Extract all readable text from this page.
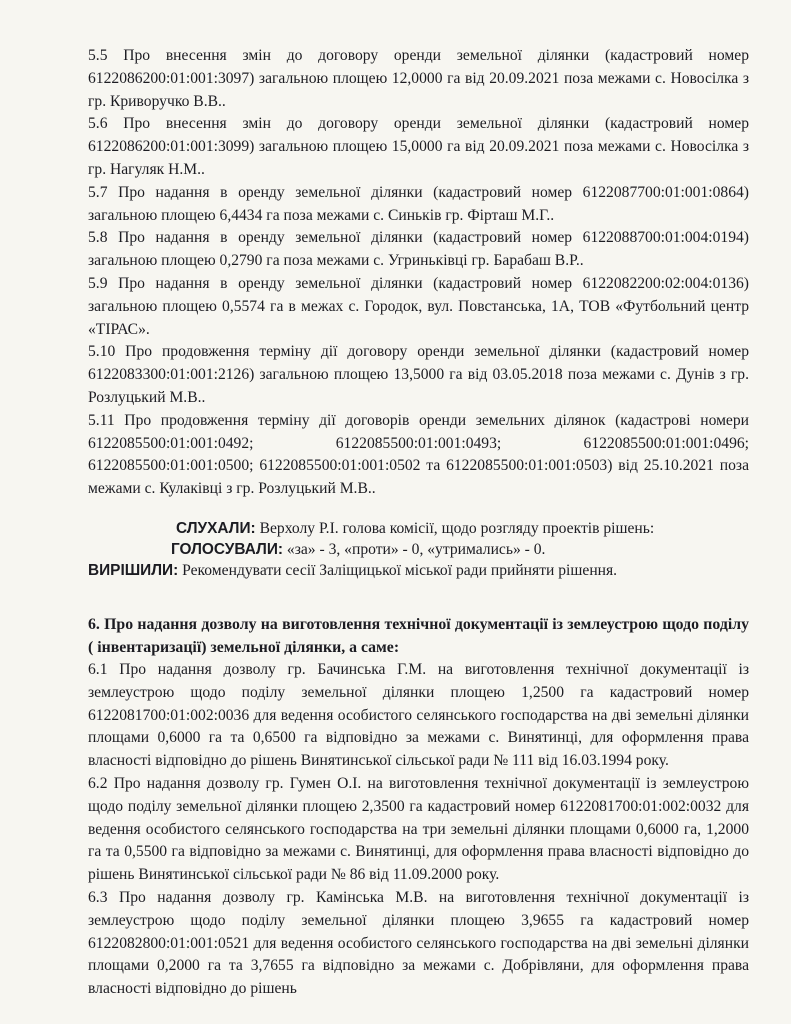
5.5 Про внесення змін до договору оренди земельної ділянки (кадастровий номер 6122086200:01:001:3097) загальною площею 12,0000 га від 20.09.2021 поза межами с. Новосілка з гр. Криворучко В.В..

5.6 Про внесення змін до договору оренди земельної ділянки (кадастровий номер 6122086200:01:001:3099) загальною площею 15,0000 га від 20.09.2021 поза межами с. Новосілка з гр. Нагуляк Н.М..

5.7 Про надання в оренду земельної ділянки (кадастровий номер 6122087700:01:001:0864) загальною площею 6,4434 га поза межами с. Синьків гр. Фірташ М.Г..

5.8 Про надання в оренду земельної ділянки (кадастровий номер 6122088700:01:004:0194) загальною площею 0,2790 га поза межами с. Угриньківці гр. Барабаш В.Р..

5.9 Про надання в оренду земельної ділянки (кадастровий номер 6122082200:02:004:0136) загальною площею 0,5574 га в межах с. Городок, вул. Повстанська, 1А, ТОВ «Футбольний центр «ТІРАС».

5.10 Про продовження терміну дії договору оренди земельної ділянки (кадастровий номер 6122083300:01:001:2126) загальною площею 13,5000 га від 03.05.2018 поза межами с. Дунів з гр. Розлуцький М.В..

5.11 Про продовження терміну дії договорів оренди земельних ділянок (кадастрові номери 6122085500:01:001:0492; 6122085500:01:001:0493; 6122085500:01:001:0496; 6122085500:01:001:0500; 6122085500:01:001:0502 та 6122085500:01:001:0503) від 25.10.2021 поза межами с. Кулаківці з гр. Розлуцький М.В..

СЛУХАЛИ: Верхолу Р.І. голова комісії, щодо розгляду проектів рішень:

ГОЛОСУВАЛИ: «за» - 3, «проти» - 0, «утримались» - 0.

ВИРІШИЛИ: Рекомендувати сесії Заліщицької міської ради прийняти рішення.

6. Про надання дозволу на виготовлення технічної документації із землеустрою щодо поділу ( інвентаризації) земельної ділянки, а саме:

6.1 Про надання дозволу гр. Бачинська Г.М. на виготовлення технічної документації із землеустрою щодо поділу земельної ділянки площею 1,2500 га кадастровий номер 6122081700:01:002:0036 для ведення особистого селянського господарства на дві земельні ділянки площами 0,6000 га та 0,6500 га відповідно за межами с. Винятинці, для оформлення права власності відповідно до рішень Винятинської сільської ради № 111 від 16.03.1994 року.

6.2 Про надання дозволу гр. Гумен О.І. на виготовлення технічної документації із землеустрою щодо поділу земельної ділянки площею 2,3500 га кадастровий номер 6122081700:01:002:0032 для ведення особистого селянського господарства на три земельні ділянки площами 0,6000 га, 1,2000 га та 0,5500 га відповідно за межами с. Винятинці, для оформлення права власності відповідно до рішень Винятинської сільської ради № 86 від 11.09.2000 року.

6.3 Про надання дозволу гр. Камінська М.В. на виготовлення технічної документації із землеустрою щодо поділу земельної ділянки площею 3,9655 га кадастровий номер 6122082800:01:001:0521 для ведення особистого селянського господарства на дві земельні ділянки площами 0,2000 га та 3,7655 га відповідно за межами с. Добрівляни, для оформлення права власності відповідно до рішень
